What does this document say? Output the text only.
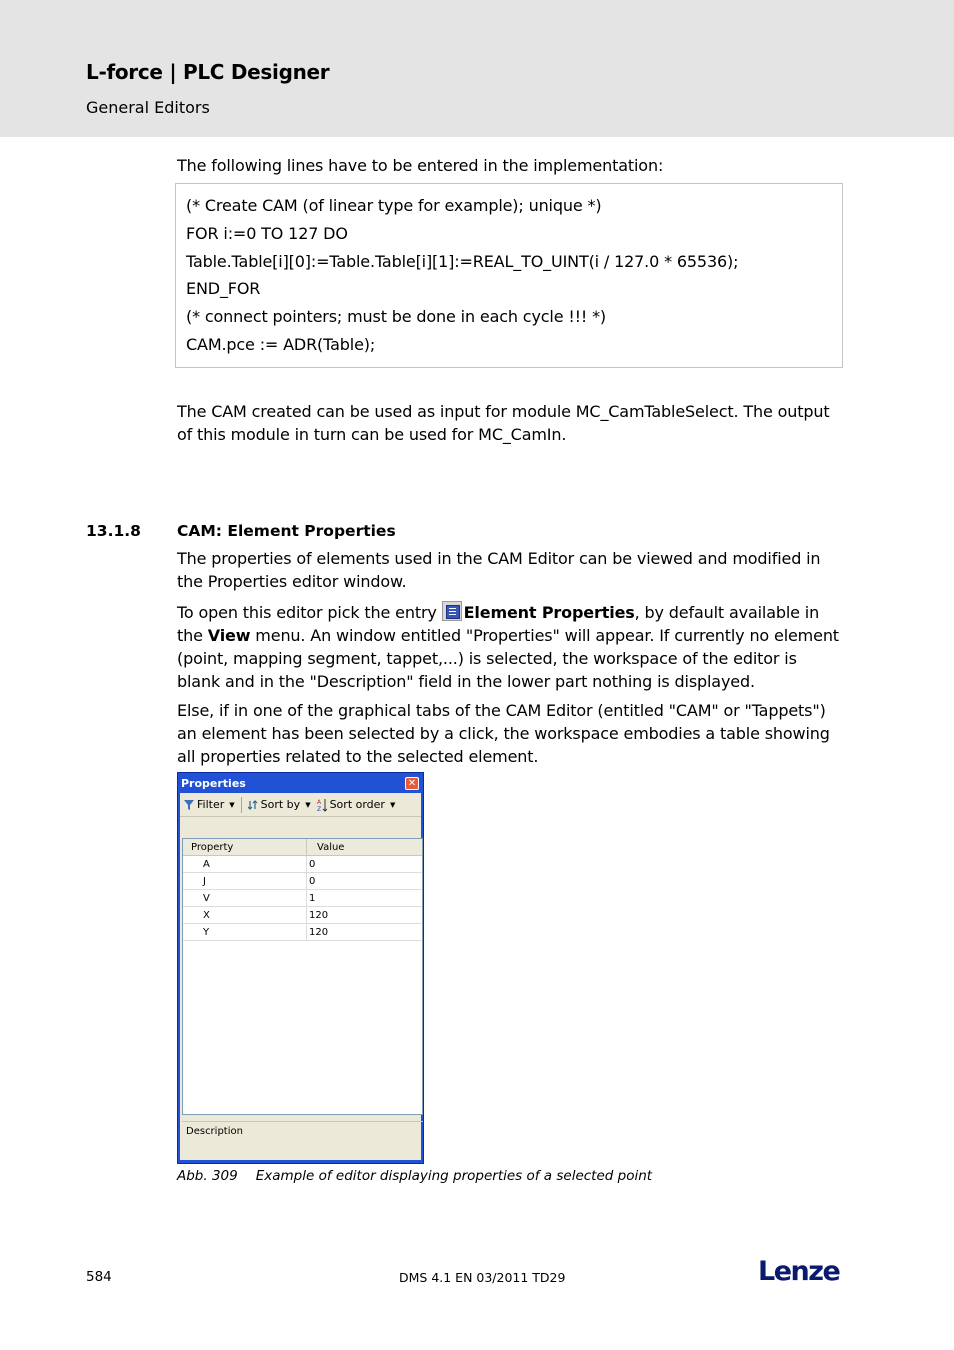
L-force | PLC Designer
General Editors
The following lines have to be entered in the implementation:
(* Create CAM (of linear type for example); unique *)
FOR i:=0 TO 127 DO
Table.Table[i][0]:=Table.Table[i][1]:=REAL_TO_UINT(i / 127.0 * 65536);
END_FOR
(* connect pointers; must be done in each cycle !!! *)
CAM.pce := ADR(Table);
The CAM created can be used as input for module MC_CamTableSelect. The output of this module in turn can be used for MC_CamIn.
13.1.8 CAM: Element Properties
The properties of elements used in the CAM Editor can be viewed and modified in the Properties editor window.
To open this editor pick the entry Element Properties, by default available in the View menu. An window entitled "Properties" will appear. If currently no element (point, mapping segment, tappet,...) is selected, the workspace of the editor is blank and in the "Description" field in the lower part nothing is displayed.
Else, if in one of the graphical tabs of the CAM Editor (entitled "CAM" or "Tappets") an element has been selected by a click, the workspace embodies a table showing all properties related to the selected element.
Properties	✕
Filter ▼ Sort by ▼ A
Z Sort order ▼
Property	Value
A	0
J	0
V	1
X	120
Y	120
Description
Abb. 309 Example of editor displaying properties of a selected point
584	DMS 4.1 EN 03/2011 TD29	Lenze
